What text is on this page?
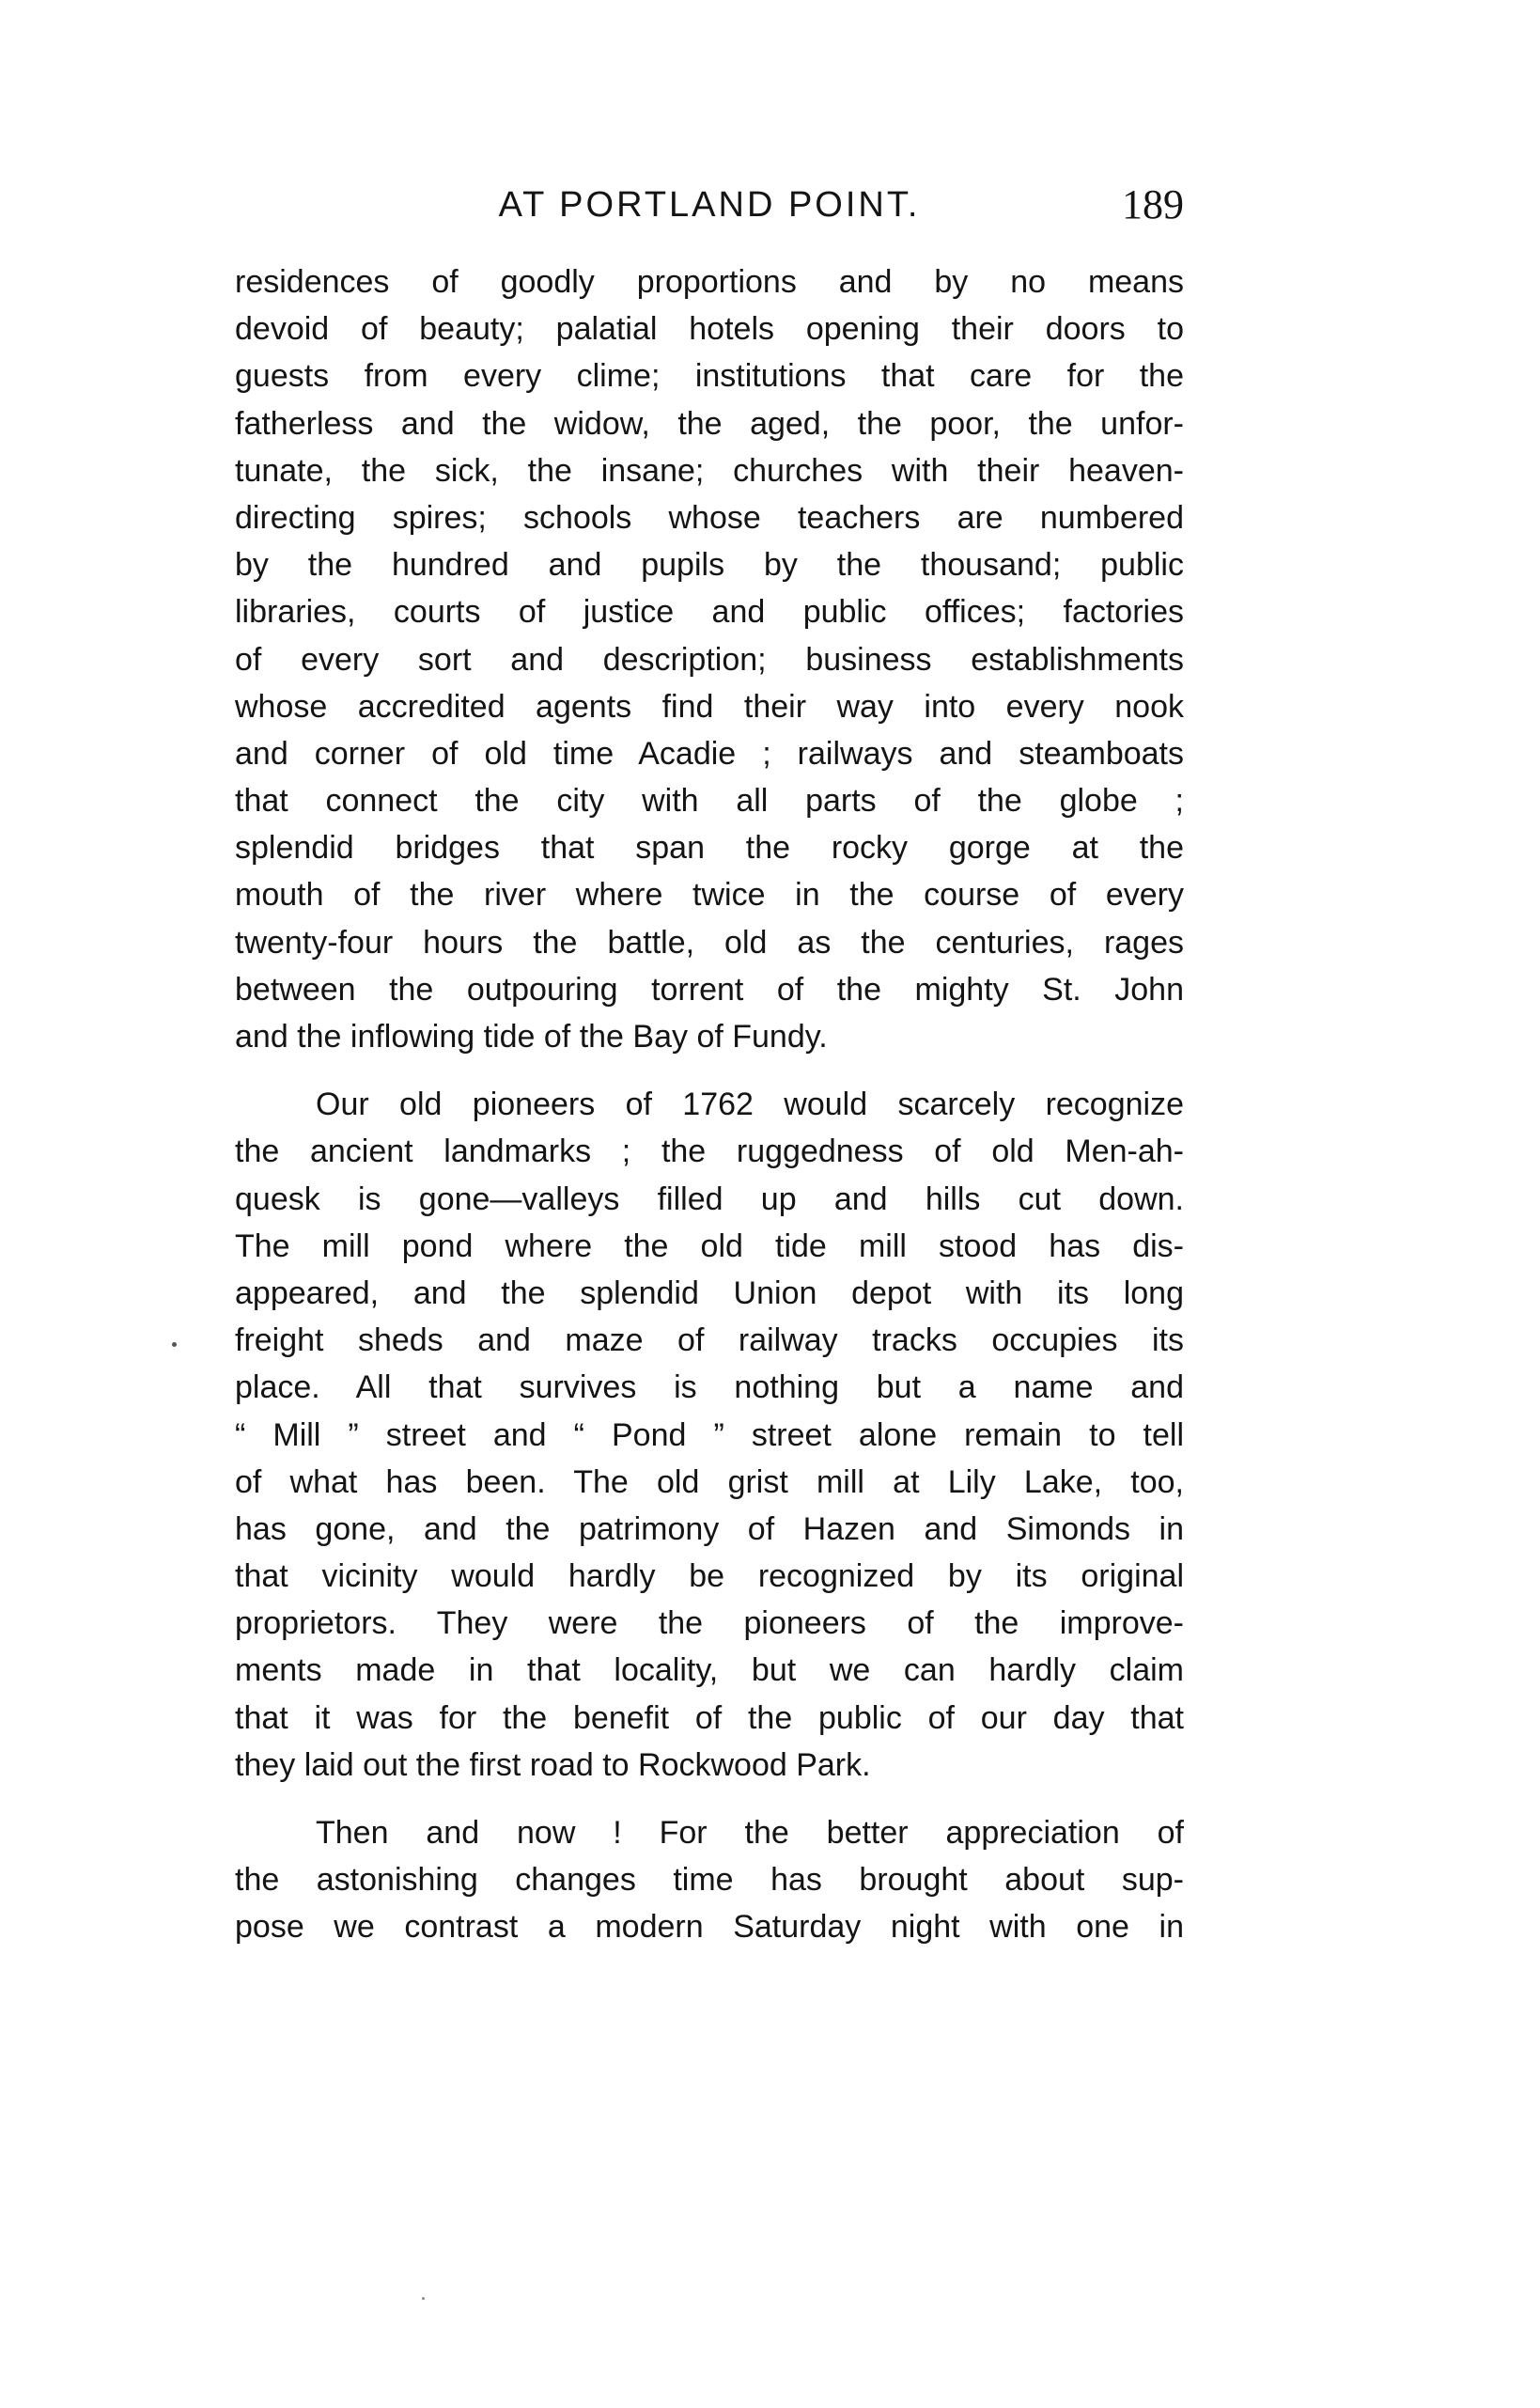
AT PORTLAND POINT.	189
residences of goodly proportions and by no means
devoid of beauty; palatial hotels opening their doors to
guests from every clime; institutions that care for the
fatherless and the widow, the aged, the poor, the unfor-
tunate, the sick, the insane; churches with their heaven-
directing spires; schools whose teachers are numbered
by the hundred and pupils by the thousand; public
libraries, courts of justice and public offices; factories
of every sort and description; business establishments
whose accredited agents find their way into every nook
and corner of old time Acadie ; railways and steamboats
that connect the city with all parts of the globe ;
splendid bridges that span the rocky gorge at the
mouth of the river where twice in the course of every
twenty-four hours the battle, old as the centuries, rages
between the outpouring torrent of the mighty St. John
and the inflowing tide of the Bay of Fundy.
Our old pioneers of 1762 would scarcely recognize
the ancient landmarks ; the ruggedness of old Men-ah-
quesk is gone—valleys filled up and hills cut down.
The mill pond where the old tide mill stood has dis-
appeared, and the splendid Union depot with its long
freight sheds and maze of railway tracks occupies its
place. All that survives is nothing but a name and
“ Mill ” street and “ Pond ” street alone remain to tell
of what has been. The old grist mill at Lily Lake, too,
has gone, and the patrimony of Hazen and Simonds in
that vicinity would hardly be recognized by its original
proprietors. They were the pioneers of the improve-
ments made in that locality, but we can hardly claim
that it was for the benefit of the public of our day that
they laid out the first road to Rockwood Park.
Then and now ! For the better appreciation of
the astonishing changes time has brought about sup-
pose we contrast a modern Saturday night with one in
